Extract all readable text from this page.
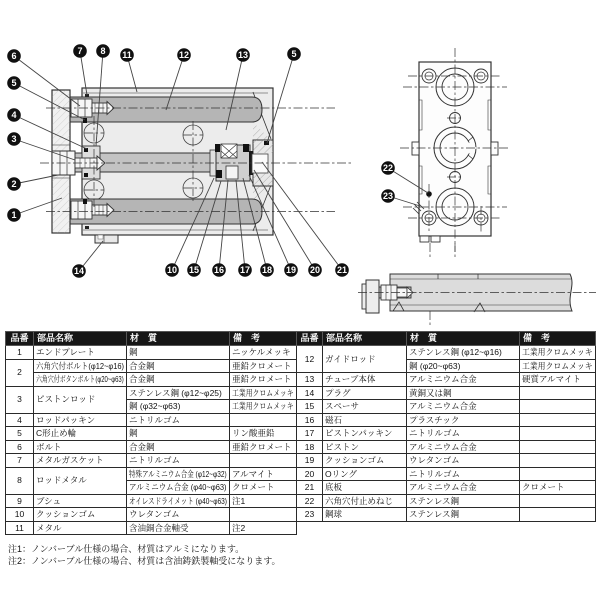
6
5
4
3
2
1
7 8 11	12	13	5
14	10 15 16 17 18 19 20 21
22
23
品番	部品名称	材　質	備　考
1	エンドプレート	鋼	ニッケルメッキ
2	六角穴付ボルト(φ12~φ16)	合金鋼	亜鉛クロメート
	六角穴付ボタンボルト(φ20~φ63)	合金鋼	亜鉛クロメート
3	ピストンロッド	ステンレス鋼 (φ12~φ25)	工業用クロムメッキ
		鋼 (φ32~φ63)	工業用クロムメッキ
4	ロッドパッキン	ニトリルゴム	
5	C形止め輪	鋼	リン酸亜鉛
6	ボルト	合金鋼	亜鉛クロメート
7	メタルガスケット	ニトリルゴム	
8	ロッドメタル	特殊アルミニウム合金 (φ12~φ32)	アルマイト
		アルミニウム合金 (φ40~φ63)	クロメート
9	ブシュ	オイレスドライメット (φ40~φ63)	注1
10	クッションゴム	ウレタンゴム	
11	メタル	含油銅合金軸受	注2
品番	部品名称	材　質	備　考
12	ガイドロッド	ステンレス鋼 (φ12~φ16)	工業用クロムメッキ
		鋼 (φ20~φ63)	工業用クロムメッキ
13	チューブ本体	アルミニウム合金	硬質アルマイト
14	プラグ	黄銅又は鋼	
15	スペーサ	アルミニウム合金	
16	磁石	プラスチック	
17	ピストンパッキン	ニトリルゴム	
18	ピストン	アルミニウム合金	
19	クッションゴム	ウレタンゴム	
20	Oリング	ニトリルゴム	
21	底板	アルミニウム合金	クロメート
22	六角穴付止めねじ	ステンレス鋼	
23	鋼球	ステンレス鋼	
注1：ノンバーブル仕様の場合、材質はアルミになります。
注2：ノンバーブル仕様の場合、材質は含油鋳鉄製軸受になります。
